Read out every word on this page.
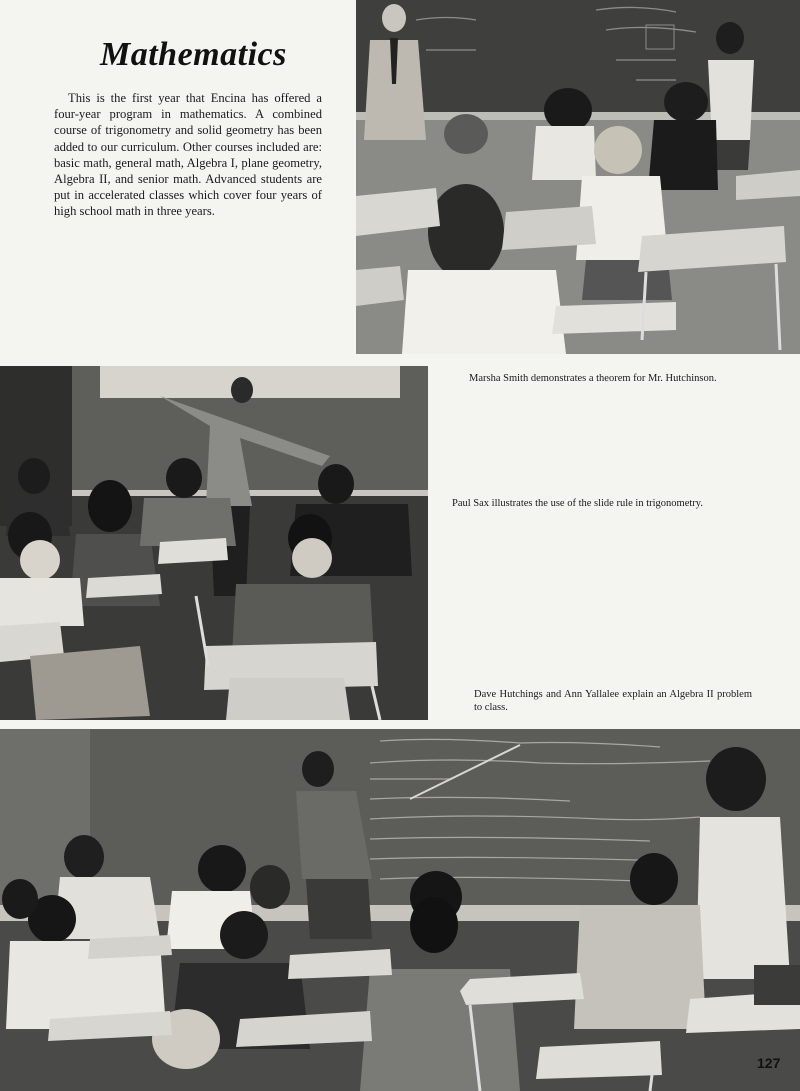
Mathematics

This is the first year that Encina has offered a four-year program in mathematics. A combined course of trigonometry and solid geometry has been added to our curriculum. Other courses included are: basic math, general math, Algebra I, plane geometry, Algebra II, and senior math. Advanced students are put in accelerated classes which cover four years of high school math in three years.

Marsha Smith demonstrates a theorem for Mr. Hutchinson.

Paul Sax illustrates the use of the slide rule in trigonometry.

Dave Hutchings and Ann Yallalee explain an Algebra II problem to class.

127
